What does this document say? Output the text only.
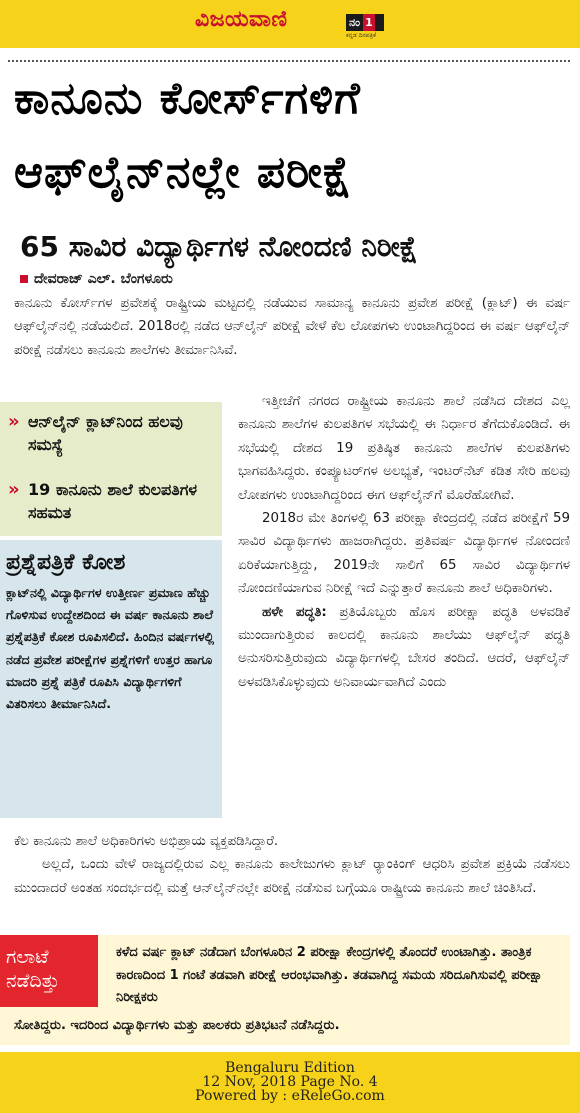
ವಿಜಯವಾಣಿ	ನಂ 1
ಕನ್ನಡ ದಿನಪತ್ರಿಕೆ
ಕಾನೂನು ಕೋರ್ಸ್‌ಗಳಿಗೆ
ಆಫ್‌ಲೈನ್‌ನಲ್ಲೇ ಪರೀಕ್ಷೆ
65 ಸಾವಿರ ವಿದ್ಯಾರ್ಥಿಗಳ ನೋಂದಣಿ ನಿರೀಕ್ಷೆ
ದೇವರಾಜ್ ಎಲ್. ಬೆಂಗಳೂರು
ಕಾನೂನು ಕೋರ್ಸ್‌ಗಳ ಪ್ರವೇಶಕ್ಕೆ ರಾಷ್ಟ್ರೀಯ ಮಟ್ಟದಲ್ಲಿ ನಡೆಯುವ ಸಾಮಾನ್ಯ ಕಾನೂನು ಪ್ರವೇಶ ಪರೀಕ್ಷೆ (ಕ್ಲಾಟ್) ಈ ವರ್ಷ ಆಫ್‌ಲೈನ್‌ನಲ್ಲಿ ನಡೆಯಲಿದೆ. 2018ರಲ್ಲಿ ನಡೆದ ಆನ್‌ಲೈನ್ ಪರೀಕ್ಷೆ ವೇಳೆ ಕೆಲ ಲೋಪಗಳು ಉಂಟಾಗಿದ್ದರಿಂದ ಈ ವರ್ಷ ಆಫ್‌ಲೈನ್ ಪರೀಕ್ಷೆ ನಡೆಸಲು ಕಾನೂನು ಶಾಲೆಗಳು ತೀರ್ಮಾನಿಸಿವೆ.
» ಆನ್‌ಲೈನ್ ಕ್ಲಾಟ್‌ನಿಂದ ಹಲವು ಸಮಸ್ಯೆ
» 19 ಕಾನೂನು ಶಾಲೆ ಕುಲಪತಿಗಳ ಸಹಮತ
ಇತ್ತೀಚೆಗೆ ನಗರದ ರಾಷ್ಟ್ರೀಯ ಕಾನೂನು ಶಾಲೆ ನಡೆಸಿದ ದೇಶದ ಎಲ್ಲ ಕಾನೂನು ಶಾಲೆಗಳ ಕುಲಪತಿಗಳ ಸಭೆಯಲ್ಲಿ ಈ ನಿರ್ಧಾರ ತೆಗೆದುಕೊಂಡಿದೆ. ಈ ಸಭೆಯಲ್ಲಿ ದೇಶದ 19 ಪ್ರತಿಷ್ಠಿತ ಕಾನೂನು ಶಾಲೆಗಳ ಕುಲಪತಿಗಳು ಭಾಗವಹಿಸಿದ್ದರು. ಕಂಪ್ಯೂಟರ್‌ಗಳ ಅಲಭ್ಯತೆ, ಇಂಟರ್‌ನೆಟ್ ಕಡಿತ ಸೇರಿ ಹಲವು ಲೋಪಗಳು ಉಂಟಾಗಿದ್ದರಿಂದ ಈಗ ಆಫ್‌ಲೈನ್‌ಗೆ ಮೊರೆಹೋಗಿವೆ.
2018ರ ಮೇ ತಿಂಗಳಲ್ಲಿ 63 ಪರೀಕ್ಷಾ ಕೇಂದ್ರದಲ್ಲಿ ನಡೆದ ಪರೀಕ್ಷೆಗೆ 59 ಸಾವಿರ ವಿದ್ಯಾರ್ಥಿಗಳು ಹಾಜರಾಗಿದ್ದರು. ಪ್ರತಿವರ್ಷ ವಿದ್ಯಾರ್ಥಿಗಳ ನೋಂದಣಿ ಏರಿಕೆಯಾಗುತ್ತಿದ್ದು, 2019ನೇ ಸಾಲಿಗೆ 65 ಸಾವಿರ ವಿದ್ಯಾರ್ಥಿಗಳ ನೋಂದಣಿಯಾಗುವ ನಿರೀಕ್ಷೆ ಇದೆ ಎನ್ನುತ್ತಾರೆ ಕಾನೂನು ಶಾಲೆ ಅಧಿಕಾರಿಗಳು.
ಹಳೇ ಪದ್ಧತಿ: ಪ್ರತಿಯೊಬ್ಬರು ಹೊಸ ಪರೀಕ್ಷಾ ಪದ್ಧತಿ ಅಳವಡಿಕೆ ಮುಂದಾಗುತ್ತಿರುವ ಕಾಲದಲ್ಲಿ ಕಾನೂನು ಶಾಲೆಯು ಆಫ್‌ಲೈನ್ ಪದ್ಧತಿ ಅನುಸರಿಸುತ್ತಿರುವುದು ವಿದ್ಯಾರ್ಥಿಗಳಲ್ಲಿ ಬೇಸರ ತಂದಿದೆ. ಆದರೆ, ಆಫ್‌ಲೈನ್ ಅಳವಡಿಸಿಕೊಳ್ಳುವುದು ಅನಿವಾರ್ಯವಾಗಿದೆ ಎಂದು
ಪ್ರಶ್ನೆಪತ್ರಿಕೆ ಕೋಶ
ಕ್ಲಾಟ್‌ನಲ್ಲಿ ವಿದ್ಯಾರ್ಥಿಗಳ ಉತ್ತೀರ್ಣ ಪ್ರಮಾಣ ಹೆಚ್ಚು ಗೊಳಿಸುವ ಉದ್ದೇಶದಿಂದ ಈ ವರ್ಷ ಕಾನೂನು ಶಾಲೆ ಪ್ರಶ್ನೆಪತ್ರಿಕೆ ಕೋಶ ರೂಪಿಸಲಿದೆ. ಹಿಂದಿನ ವರ್ಷಗಳಲ್ಲಿ ನಡೆದ ಪ್ರವೇಶ ಪರೀಕ್ಷೆಗಳ ಪ್ರಶ್ನೆಗಳಿಗೆ ಉತ್ತರ ಹಾಗೂ ಮಾದರಿ ಪ್ರಶ್ನೆ ಪತ್ರಿಕೆ ರೂಪಿಸಿ ವಿದ್ಯಾರ್ಥಿಗಳಿಗೆ ವಿತರಿಸಲು ತೀರ್ಮಾನಿಸಿದೆ.
ಕೆಲ ಕಾನೂನು ಶಾಲೆ ಅಧಿಕಾರಿಗಳು ಅಭಿಪ್ರಾಯ ವ್ಯಕ್ತಪಡಿಸಿದ್ದಾರೆ.
ಅಲ್ಲದೆ, ಒಂದು ವೇಳೆ ರಾಜ್ಯದಲ್ಲಿರುವ ಎಲ್ಲ ಕಾನೂನು ಕಾಲೇಜುಗಳು ಕ್ಲಾಟ್ ರ್‍ಯಾಂಕಿಂಗ್ ಆಧರಿಸಿ ಪ್ರವೇಶ ಪ್ರಕ್ರಿಯೆ ನಡೆಸಲು ಮುಂದಾದರೆ ಅಂತಹ ಸಂದರ್ಭದಲ್ಲಿ ಮತ್ತೆ ಆನ್‌ಲೈನ್‌ನಲ್ಲೇ ಪರೀಕ್ಷೆ ನಡೆಸುವ ಬಗ್ಗೆಯೂ ರಾಷ್ಟ್ರೀಯ ಕಾನೂನು ಶಾಲೆ ಚಿಂತಿಸಿದೆ.
ಗಲಾಟೆ ನಡೆದಿತ್ತು
ಕಳೆದ ವರ್ಷ ಕ್ಲಾಟ್ ನಡೆದಾಗ ಬೆಂಗಳೂರಿನ 2 ಪರೀಕ್ಷಾ ಕೇಂದ್ರಗಳಲ್ಲಿ ತೊಂದರೆ ಉಂಟಾಗಿತ್ತು. ತಾಂತ್ರಿಕ ಕಾರಣದಿಂದ 1 ಗಂಟೆ ತಡವಾಗಿ ಪರೀಕ್ಷೆ ಆರಂಭವಾಗಿತ್ತು. ತಡವಾಗಿದ್ದ ಸಮಯ ಸರಿದೂಗಿಸುವಲ್ಲಿ ಪರೀಕ್ಷಾ ನಿರೀಕ್ಷಕರು
ಸೋತಿದ್ದರು. ಇದರಿಂದ ವಿದ್ಯಾರ್ಥಿಗಳು ಮತ್ತು ಪಾಲಕರು ಪ್ರತಿಭಟನೆ ನಡೆಸಿದ್ದರು.
Bengaluru Edition
12 Nov, 2018 Page No. 4
Powered by : eReleGo.com
